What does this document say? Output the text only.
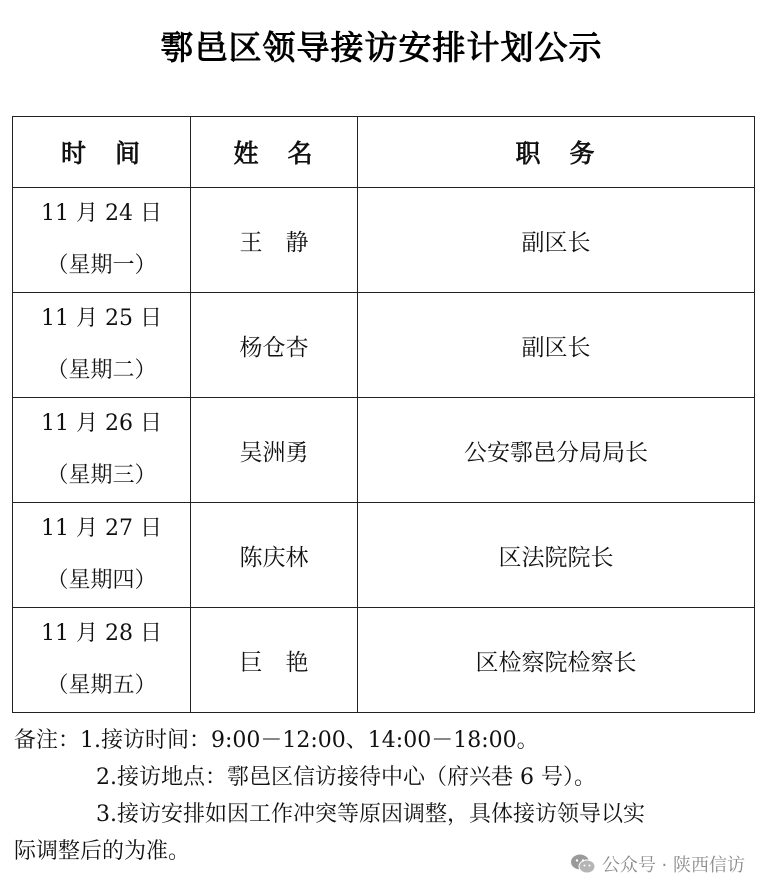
鄠邑区领导接访安排计划公示
时　间	姓　名	职　务

11 月 24 日
（星期一）	王　静	副区长

11 月 25 日
（星期二）	杨仓杏	副区长

11 月 26 日
（星期三）	吴洲勇	公安鄠邑分局局长

11 月 27 日
（星期四）	陈庆林	区法院院长

11 月 28 日
（星期五）	巨　艳	区检察院检察长
备注：1.接访时间：9:00－12:00、14:00－18:00。
2.接访地点：鄠邑区信访接待中心（府兴巷 6 号）。
3.接访安排如因工作冲突等原因调整，具体接访领导以实
际调整后的为准。
公众号 · 陕西信访
